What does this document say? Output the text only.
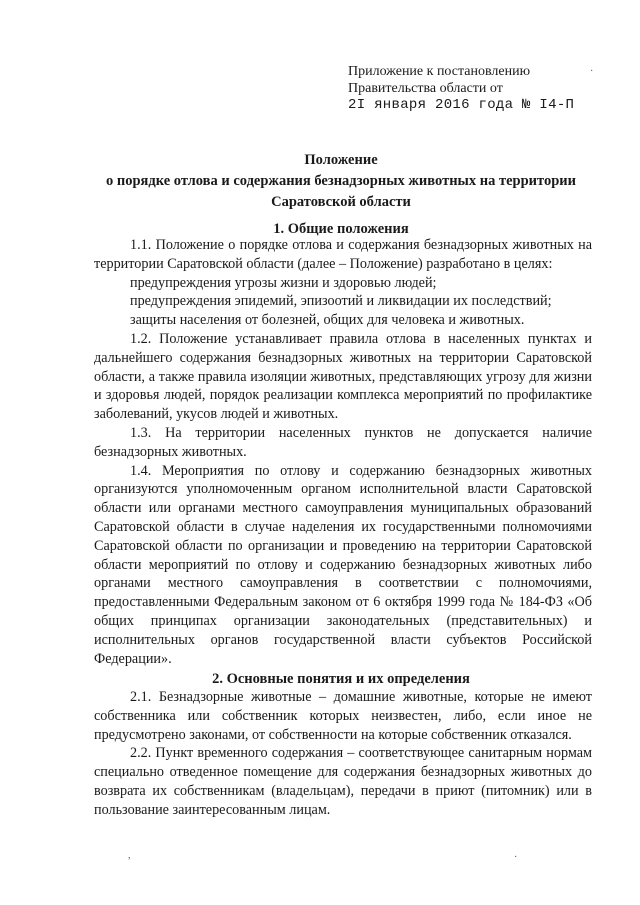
Приложение к постановлению
Правительства области от
2I января 2016 года № I4-П
Положение
о порядке отлова и содержания безнадзорных животных на территории
Саратовской области
1. Общие положения

1.1. Положение о порядке отлова и содержания безнадзорных животных на территории Саратовской области (далее – Положение) разработано в целях:

предупреждения угрозы жизни и здоровью людей;

предупреждения эпидемий, эпизоотий и ликвидации их последствий;

защиты населения от болезней, общих для человека и животных.

1.2. Положение устанавливает правила отлова в населенных пунктах и дальнейшего содержания безнадзорных животных на территории Саратовской области, а также правила изоляции животных, представляющих угрозу для жизни и здоровья людей, порядок реализации комплекса мероприятий по профилактике заболеваний, укусов людей и животных.

1.3. На территории населенных пунктов не допускается наличие безнадзорных животных.

1.4. Мероприятия по отлову и содержанию безнадзорных животных организуются уполномоченным органом исполнительной власти Саратовской области или органами местного самоуправления муниципальных образований Саратовской области в случае наделения их государственными полномочиями Саратовской области по организации и проведению на территории Саратовской области мероприятий по отлову и содержанию безнадзорных животных либо органами местного самоуправления в соответствии с полномочиями, предоставленными Федеральным законом от 6 октября 1999 года № 184-ФЗ «Об общих принципах организации законодательных (представительных) и исполнительных органов государственной власти субъектов Российской Федерации».

2. Основные понятия и их определения

2.1. Безнадзорные животные – домашние животные, которые не имеют собственника или собственник которых неизвестен, либо, если иное не предусмотрено законами, от собственности на которые собственник отказался.

2.2. Пункт временного содержания – соответствующее санитарным нормам специально отведенное помещение для содержания безнадзорных животных до возврата их собственникам (владельцам), передачи в приют (питомник) или в пользование заинтересованным лицам.

·
,	·
